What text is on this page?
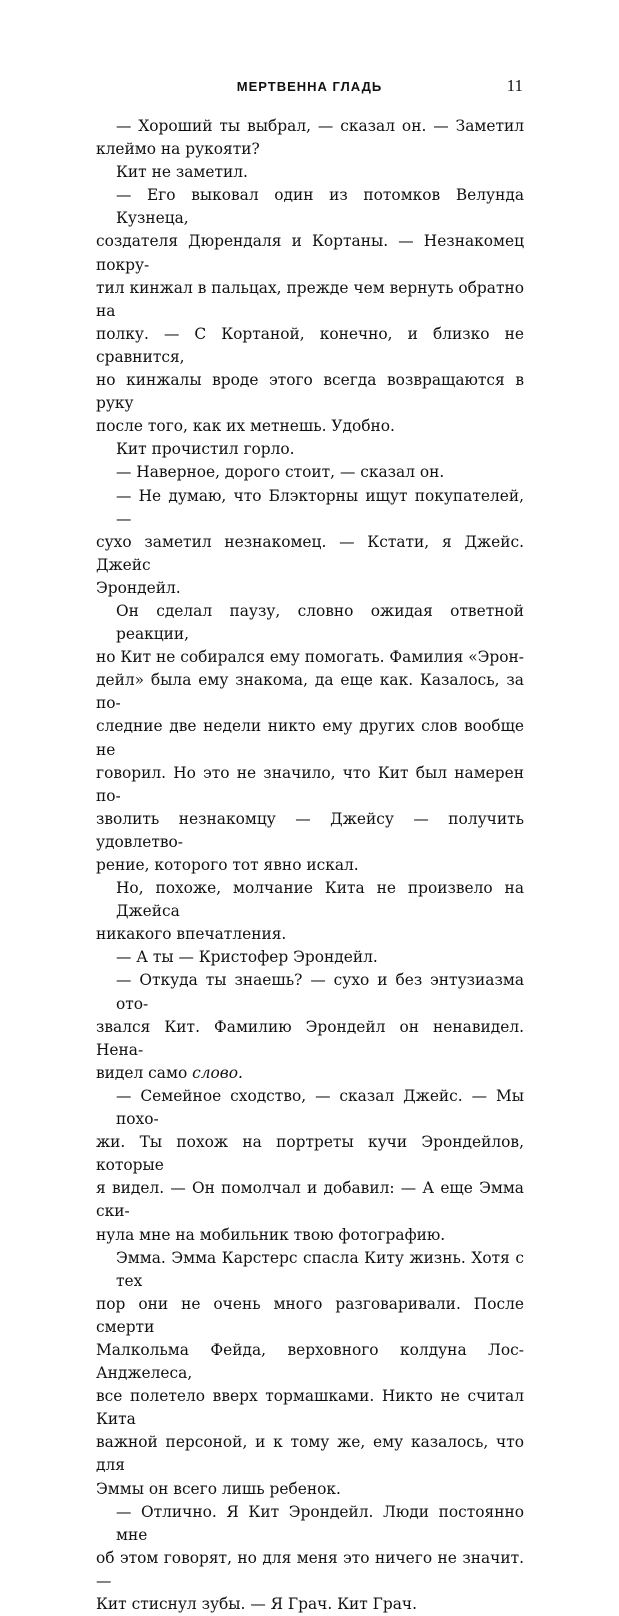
МЕРТВЕННА ГЛАДЬ	11
— Хороший ты выбрал, — сказал он. — Заметил
клеймо на рукояти?
Кит не заметил.
— Его выковал один из потомков Велунда Кузнеца,
создателя Дюрендаля и Кортаны. — Незнакомец покру-
тил кинжал в пальцах, прежде чем вернуть обратно на
полку. — С Кортаной, конечно, и близко не сравнится,
но кинжалы вроде этого всегда возвращаются в руку
после того, как их метнешь. Удобно.
Кит прочистил горло.
— Наверное, дорого стоит, — сказал он.
— Не думаю, что Блэкторны ищут покупателей, —
сухо заметил незнакомец. — Кстати, я Джейс. Джейс
Эрондейл.
Он сделал паузу, словно ожидая ответной реакции,
но Кит не собирался ему помогать. Фамилия «Эрон-
дейл» была ему знакома, да еще как. Казалось, за по-
следние две недели никто ему других слов вообще не
говорил. Но это не значило, что Кит был намерен по-
зволить незнакомцу — Джейсу — получить удовлетво-
рение, которого тот явно искал.
Но, похоже, молчание Кита не произвело на Джейса
никакого впечатления.
— А ты — Кристофер Эрондейл.
— Откуда ты знаешь? — сухо и без энтузиазма ото-
звался Кит. Фамилию Эрондейл он ненавидел. Нена-
видел само слово.
— Семейное сходство, — сказал Джейс. — Мы похо-
жи. Ты похож на портреты кучи Эрондейлов, которые
я видел. — Он помолчал и добавил: — А еще Эмма ски-
нула мне на мобильник твою фотографию.
Эмма. Эмма Карстерс спасла Киту жизнь. Хотя с тех
пор они не очень много разговаривали. После смерти
Малкольма Фейда, верховного колдуна Лос-Анджелеса,
все полетело вверх тормашками. Никто не считал Кита
важной персоной, и к тому же, ему казалось, что для
Эммы он всего лишь ребенок.
— Отлично. Я Кит Эрондейл. Люди постоянно мне
об этом говорят, но для меня это ничего не значит. —
Кит стиснул зубы. — Я Грач. Кит Грач.
